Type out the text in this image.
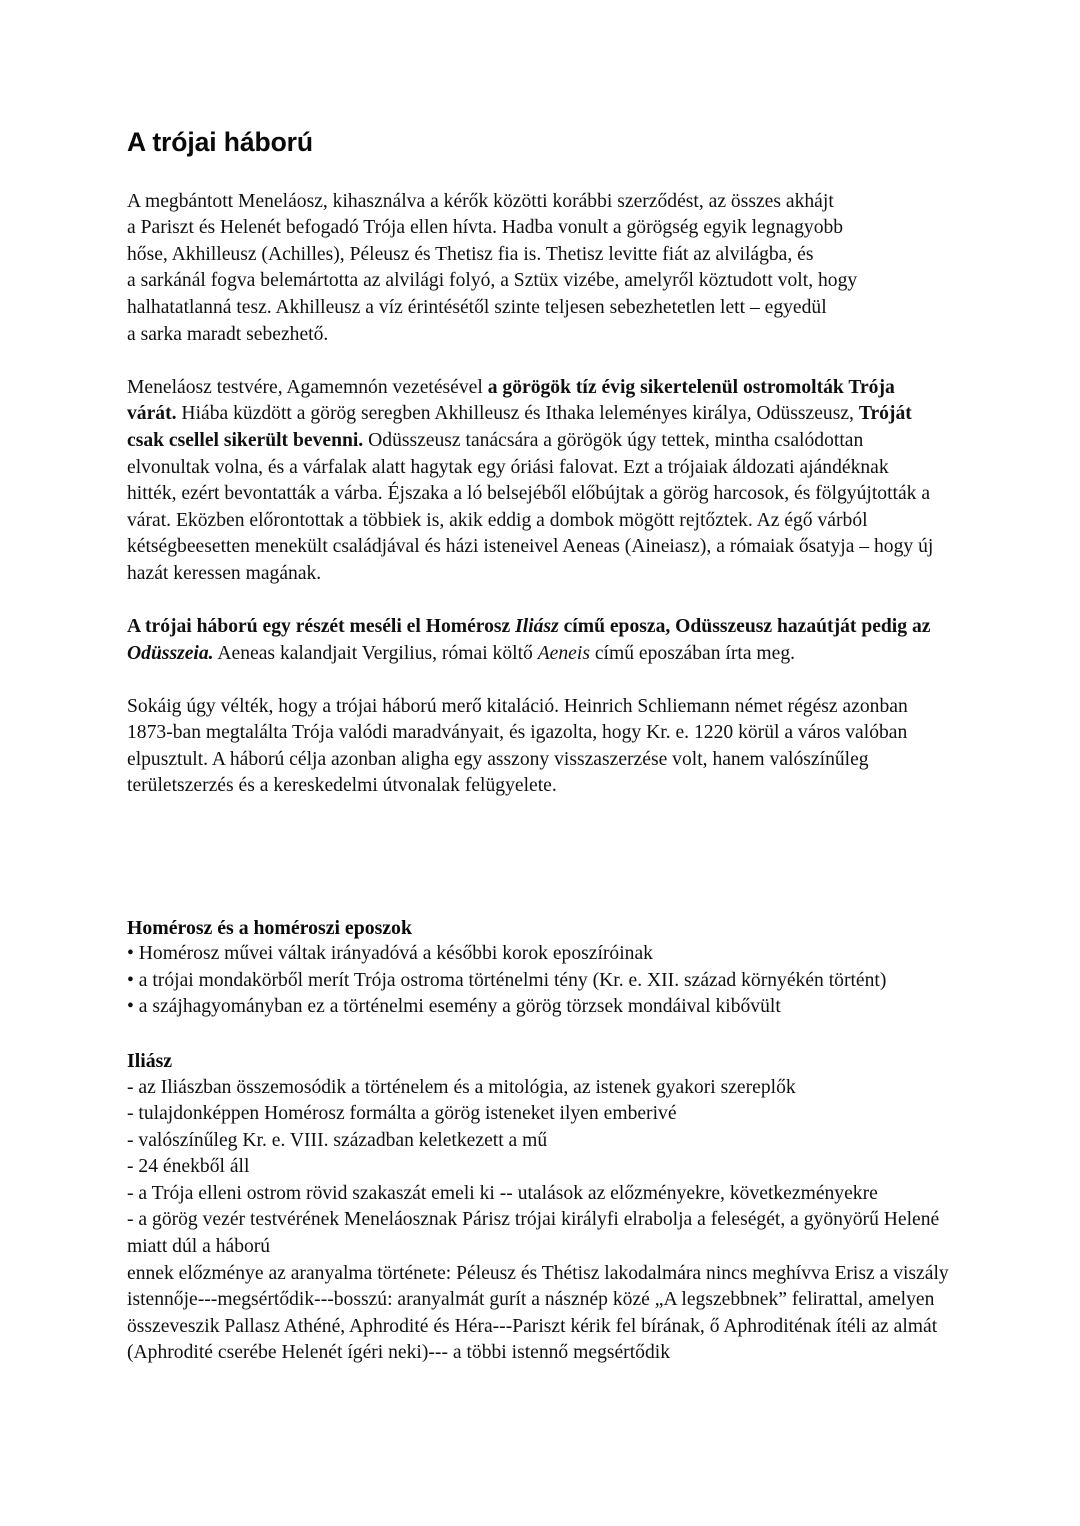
A trójai háború

A megbántott Meneláosz, kihasználva a kérők közötti korábbi szerződést, az összes akhájt
a Pariszt és Helenét befogadó Trója ellen hívta. Hadba vonult a görögség egyik legnagyobb
hőse, Akhilleusz (Achilles), Péleusz és Thetisz fia is. Thetisz levitte fiát az alvilágba, és
a sarkánál fogva belemártotta az alvilági folyó, a Sztüx vizébe, amelyről köztudott volt, hogy
halhatatlanná tesz. Akhilleusz a víz érintésétől szinte teljesen sebezhetetlen lett – egyedül
a sarka maradt sebezhető.

Meneláosz testvére, Agamemnón vezetésével a görögök tíz évig sikertelenül ostromolták Trója várát. Hiába küzdött a görög seregben Akhilleusz és Ithaka leleményes királya, Odüsszeusz, Tróját csak csellel sikerült bevenni. Odüsszeusz tanácsára a görögök úgy tettek, mintha csalódottan elvonultak volna, és a várfalak alatt hagytak egy óriási falovat. Ezt a trójaiak áldozati ajándéknak hitték, ezért bevontatták a várba. Éjszaka a ló belsejéből előbújtak a görög harcosok, és fölgyújtották a várat. Eközben előrontottak a többiek is, akik eddig a dombok mögött rejtőztek. Az égő várból kétségbeesetten menekült családjával és házi isteneivel Aeneas (Aineiasz), a rómaiak ősatyja – hogy új hazát keressen magának.

A trójai háború egy részét meséli el Homérosz Iliász című eposza, Odüsszeusz hazaútját pedig az Odüsszeia. Aeneas kalandjait Vergilius, római költő Aeneis című eposzában írta meg.

Sokáig úgy vélték, hogy a trójai háború merő kitaláció. Heinrich Schliemann német régész azonban 1873-ban megtalálta Trója valódi maradványait, és igazolta, hogy Kr. e. 1220 körül a város valóban elpusztult. A háború célja azonban aligha egy asszony visszaszerzése volt, hanem valószínűleg területszerzés és a kereskedelmi útvonalak felügyelete.

Homérosz és a homéroszi eposzok
• Homérosz művei váltak irányadóvá a későbbi korok eposzíróinak
• a trójai mondakörből merít Trója ostroma történelmi tény (Kr. e. XII. század környékén történt)
• a szájhagyományban ez a történelmi esemény a görög törzsek mondáival kibővült
Iliász
- az Iliászban összemosódik a történelem és a mitológia, az istenek gyakori szereplők
- tulajdonképpen Homérosz formálta a görög isteneket ilyen emberivé
- valószínűleg Kr. e. VIII. században keletkezett a mű
- 24 énekből áll
- a Trója elleni ostrom rövid szakaszát emeli ki -- utalások az előzményekre, következményekre
- a görög vezér testvérének Meneláosznak Párisz trójai királyfi elrabolja a feleségét, a gyönyörű Helené miatt dúl a háború
ennek előzménye az aranyalma története: Péleusz és Thétisz lakodalmára nincs meghívva Erisz a viszály istennője---megsértődik---bosszú: aranyalmát gurít a násznép közé „A legszebbnek” felirattal, amelyen összeveszik Pallasz Athéné, Aphrodité és Héra---Pariszt kérik fel bírának, ő Aphroditénak ítéli az almát (Aphrodité cserébe Helenét ígéri neki)--- a többi istennő megsértődik
